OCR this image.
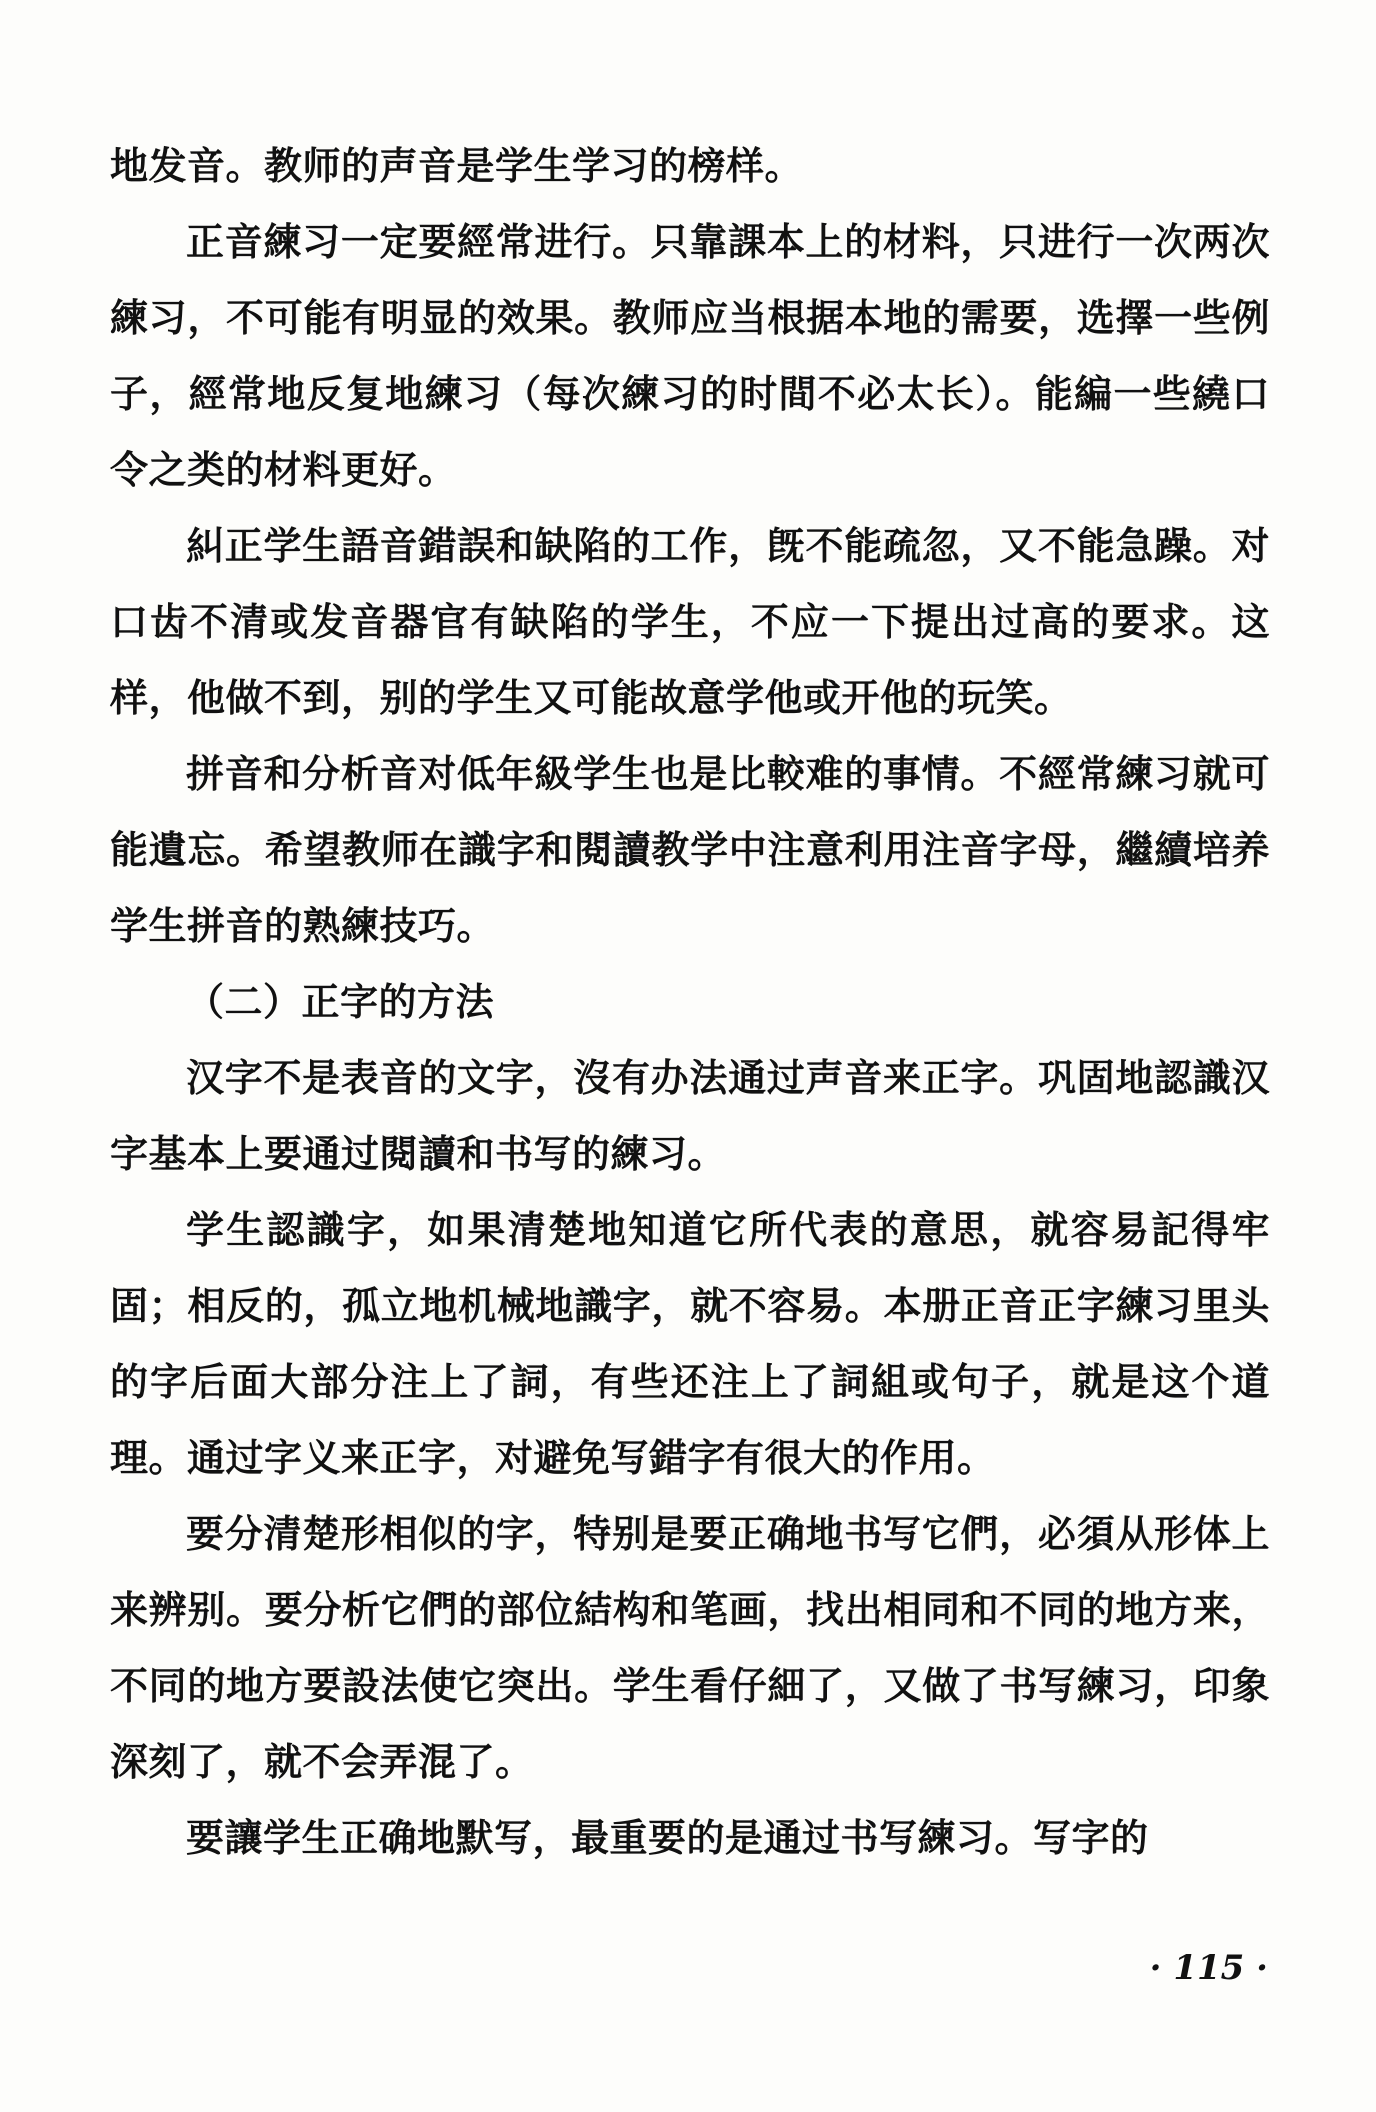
地发音。教师的声音是学生学习的榜样。

正音練习一定要經常进行。只靠課本上的材料，只进行一次两次練习，不可能有明显的效果。教师应当根据本地的需要，选擇一些例子，經常地反复地練习（每次練习的时間不必太长）。能編一些繞口令之类的材料更好。

糾正学生語音錯誤和缺陷的工作，旣不能疏忽，又不能急躁。对口齿不清或发音器官有缺陷的学生，不应一下提出过高的要求。这样，他做不到，别的学生又可能故意学他或开他的玩笑。

拼音和分析音对低年級学生也是比較难的事情。不經常練习就可能遺忘。希望教师在識字和閱讀教学中注意利用注音字母，繼續培养学生拼音的熟練技巧。

（二）正字的方法

汉字不是表音的文字，沒有办法通过声音来正字。巩固地認識汉字基本上要通过閱讀和书写的練习。

学生認識字，如果清楚地知道它所代表的意思，就容易記得牢固；相反的，孤立地机械地識字，就不容易。本册正音正字練习里头的字后面大部分注上了詞，有些还注上了詞組或句子，就是这个道理。通过字义来正字，对避免写錯字有很大的作用。

要分清楚形相似的字，特别是要正确地书写它們，必須从形体上来辨别。要分析它們的部位結构和笔画，找出相同和不同的地方来，不同的地方要設法使它突出。学生看仔細了，又做了书写練习，印象深刻了，就不会弄混了。

要讓学生正确地默写，最重要的是通过书写練习。写字的

· 115 ·
